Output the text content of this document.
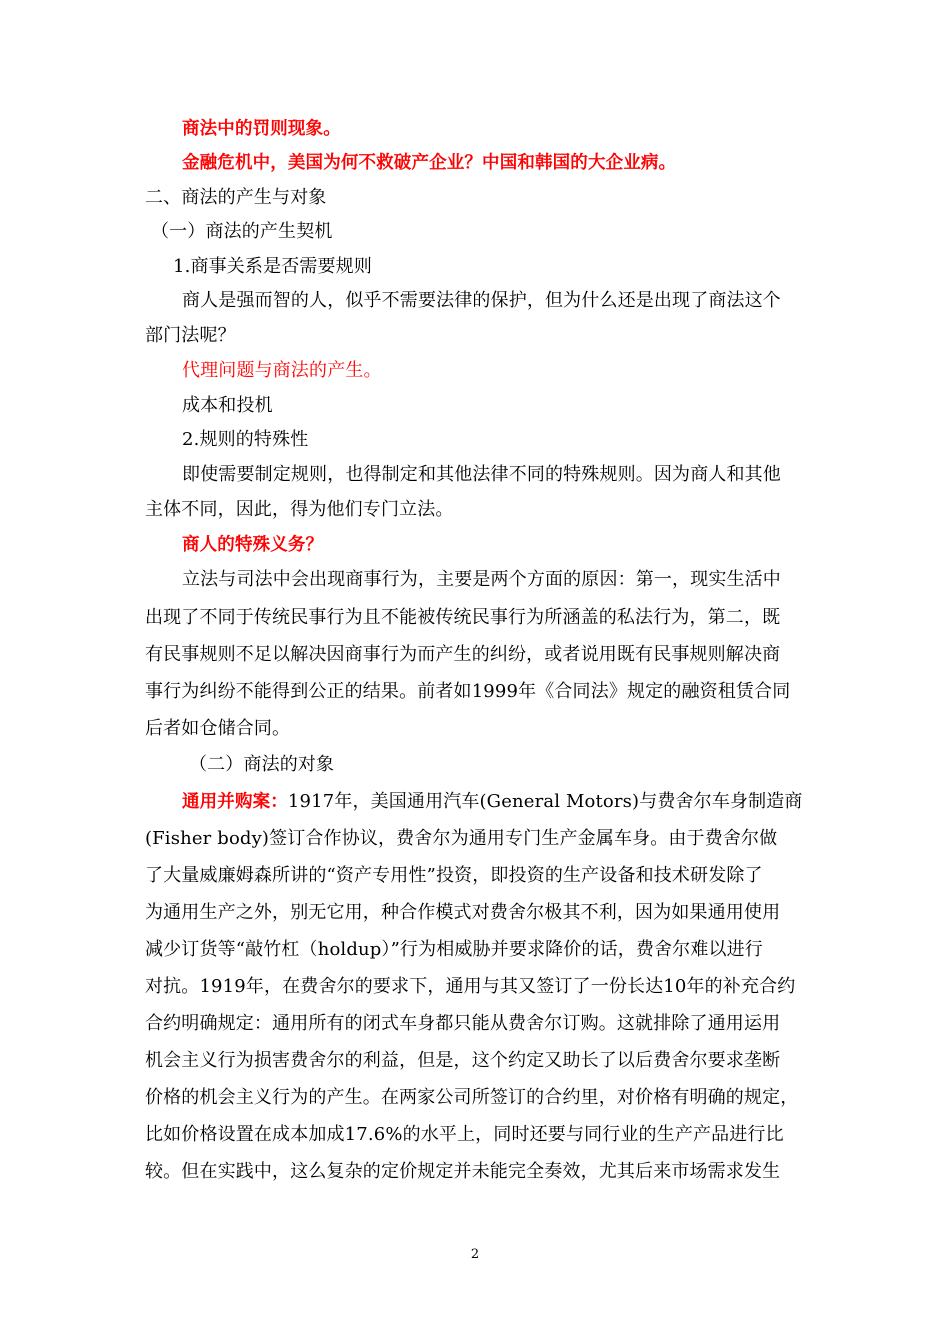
商法中的罚则现象。
金融危机中，美国为何不救破产企业？中国和韩国的大企业病。
二、商法的产生与对象
（一）商法的产生契机
1.商事关系是否需要规则
商人是强而智的人，似乎不需要法律的保护，但为什么还是出现了商法这个
部门法呢？
代理问题与商法的产生。
成本和投机
2.规则的特殊性
即使需要制定规则，也得制定和其他法律不同的特殊规则。因为商人和其他
主体不同，因此，得为他们专门立法。
商人的特殊义务？
立法与司法中会出现商事行为，主要是两个方面的原因：第一，现实生活中
出现了不同于传统民事行为且不能被传统民事行为所涵盖的私法行为，第二，既
有民事规则不足以解决因商事行为而产生的纠纷，或者说用既有民事规则解决商
事行为纠纷不能得到公正的结果。前者如1999年《合同法》规定的融资租赁合同
后者如仓储合同。
（二）商法的对象
通用并购案：1917年，美国通用汽车(General Motors)与费舍尔车身制造商
(Fisher body)签订合作协议，费舍尔为通用专门生产金属车身。由于费舍尔做
了大量威廉姆森所讲的“资产专用性”投资，即投资的生产设备和技术研发除了
为通用生产之外，别无它用，种合作模式对费舍尔极其不利，因为如果通用使用
减少订货等“敲竹杠（holdup）”行为相威胁并要求降价的话，费舍尔难以进行
对抗。1919年，在费舍尔的要求下，通用与其又签订了一份长达10年的补充合约
合约明确规定：通用所有的闭式车身都只能从费舍尔订购。这就排除了通用运用
机会主义行为损害费舍尔的利益，但是，这个约定又助长了以后费舍尔要求垄断
价格的机会主义行为的产生。在两家公司所签订的合约里，对价格有明确的规定，
比如价格设置在成本加成17.6%的水平上，同时还要与同行业的生产产品进行比
较。但在实践中，这么复杂的定价规定并未能完全奏效，尤其后来市场需求发生
2
